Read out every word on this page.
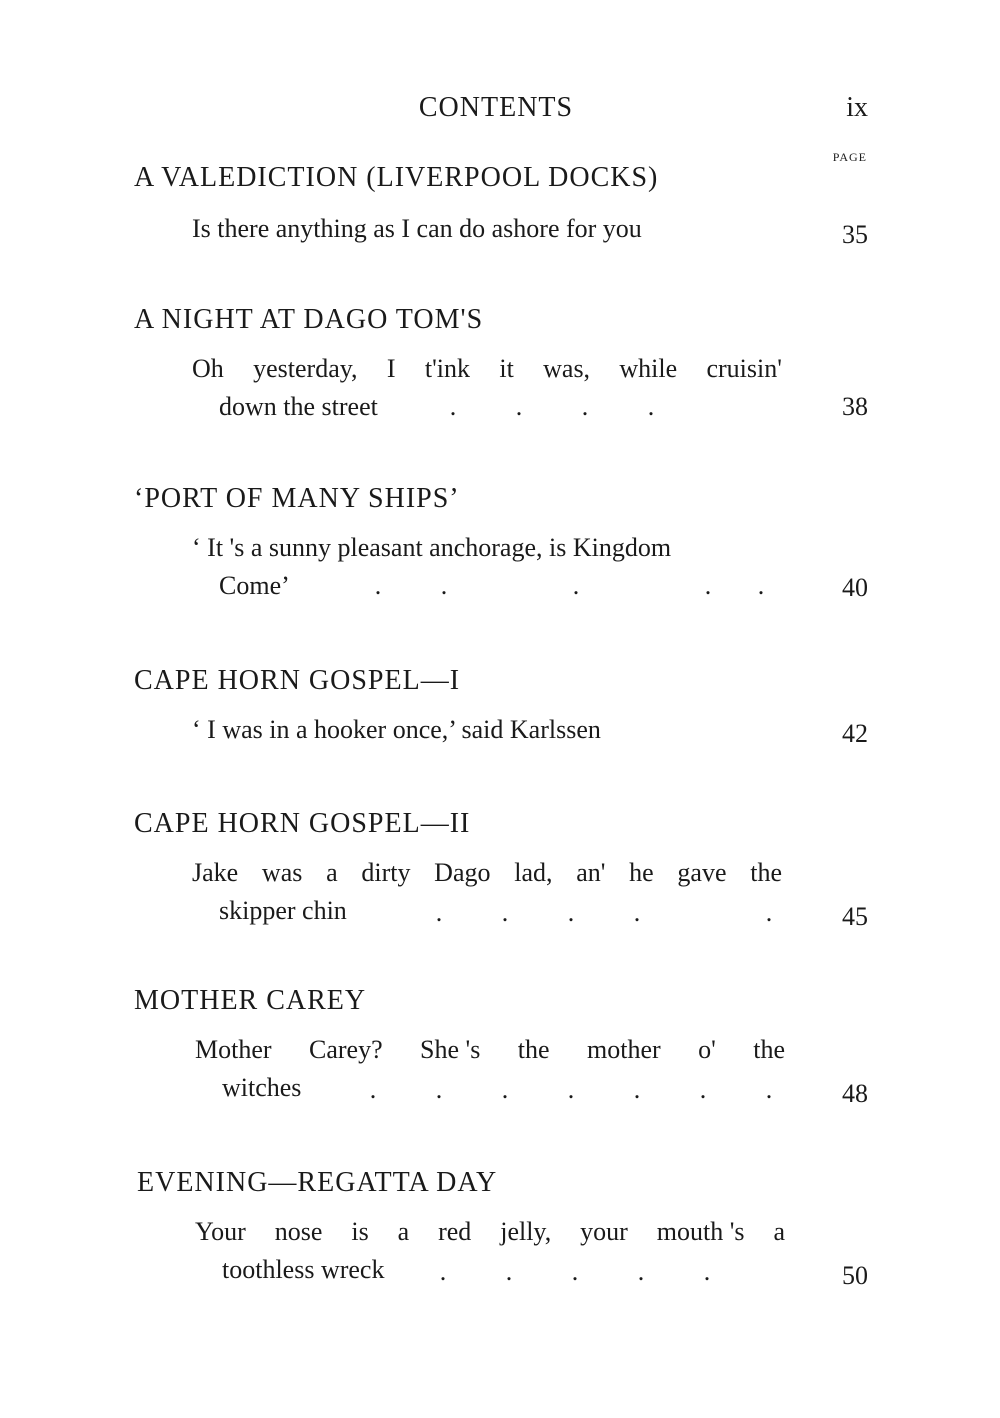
CONTENTS	ix
PAGE
A VALEDICTION (LIVERPOOL DOCKS)
Is there anything as I can do ashore for you	35
A NIGHT AT DAGO TOM'S
Oh yesterday, I t'ink it was, while cruisin'
down the street	. . . .	38
‘PORT OF MANY SHIPS’
‘ It 's a sunny pleasant anchorage, is Kingdom
Come’	. .	.	. .	40
CAPE HORN GOSPEL—I
‘ I was in a hooker once,’ said Karlssen	42
CAPE HORN GOSPEL—II
Jake was a dirty Dago lad, an' he gave the
skipper chin	. . . .	.	45
MOTHER CAREY
Mother Carey? She 's the mother o' the
witches	. . . . . . .	48
EVENING—REGATTA DAY
Your nose is a red jelly, your mouth 's a
toothless wreck	. . . . .	50
